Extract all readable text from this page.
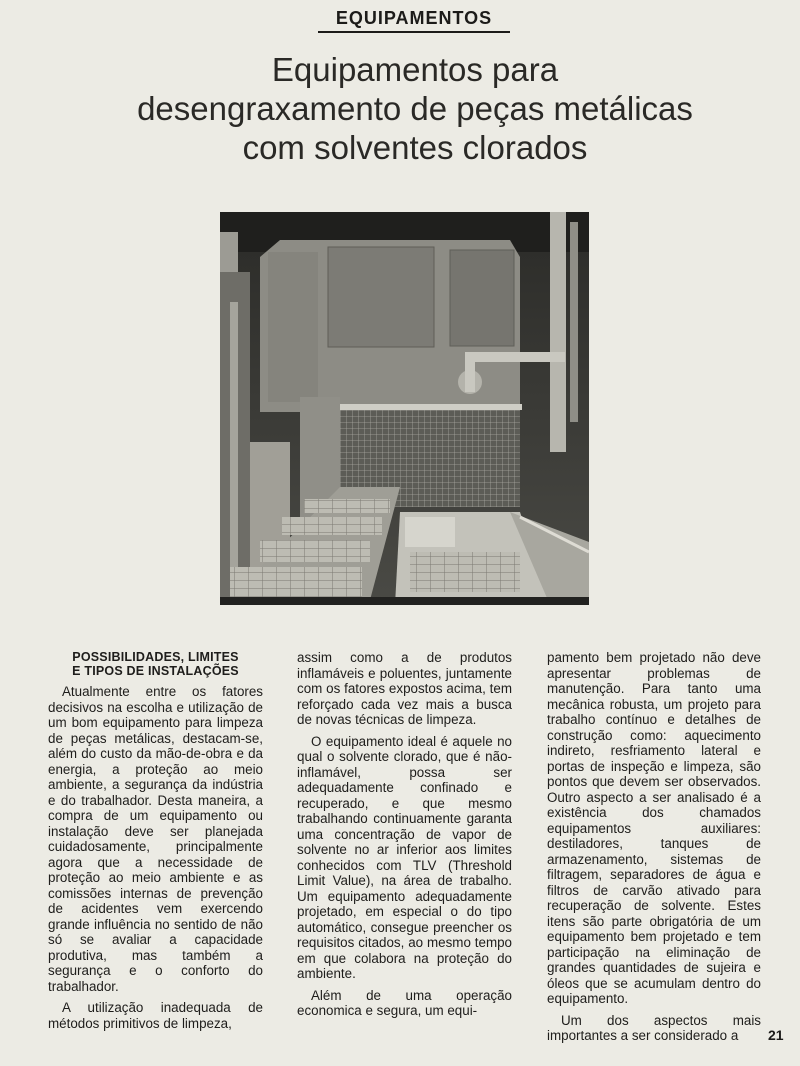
EQUIPAMENTOS
Equipamentos para
desengraxamento de peças metálicas
com solventes clorados
POSSIBILIDADES, LIMITES
E TIPOS DE INSTALAÇÕES

Atualmente entre os fatores decisivos na escolha e utilização de um bom equipamento para limpeza de peças metálicas, destacam-se, além do custo da mão-de-obra e da energia, a proteção ao meio ambiente, a segurança da indústria e do trabalhador. Desta maneira, a compra de um equipamento ou instalação deve ser planejada cuidadosamente, principalmente agora que a necessidade de proteção ao meio ambiente e as comissões internas de prevenção de acidentes vem exercendo grande influência no sentido de não só se avaliar a capacidade produtiva, mas também a segurança e o conforto do trabalhador.

A utilização inadequada de métodos primitivos de limpeza,

assim como a de produtos inflamáveis e poluentes, juntamente com os fatores expostos acima, tem reforçado cada vez mais a busca de novas técnicas de limpeza.

O equipamento ideal é aquele no qual o solvente clorado, que é não-inflamável, possa ser adequadamente confinado e recuperado, e que mesmo trabalhando continuamente garanta uma concentração de vapor de solvente no ar inferior aos limites conhecidos com TLV (Threshold Limit Value), na área de trabalho. Um equipamento adequadamente projetado, em especial o do tipo automático, consegue preencher os requisitos citados, ao mesmo tempo em que colabora na proteção do ambiente.

Além de uma operação economica e segura, um equi-

pamento bem projetado não deve apresentar problemas de manutenção. Para tanto uma mecânica robusta, um projeto para trabalho contínuo e detalhes de construção como: aquecimento indireto, resfriamento lateral e portas de inspeção e limpeza, são pontos que devem ser observados. Outro aspecto a ser analisado é a existência dos chamados equipamentos auxiliares: destiladores, tanques de armazenamento, sistemas de filtragem, separadores de água e filtros de carvão ativado para recuperação de solvente. Estes itens são parte obrigatória de um equipamento bem projetado e tem participação na eliminação de grandes quantidades de sujeira e óleos que se acumulam dentro do equipamento.

Um dos aspectos mais importantes a ser considerado a	21
